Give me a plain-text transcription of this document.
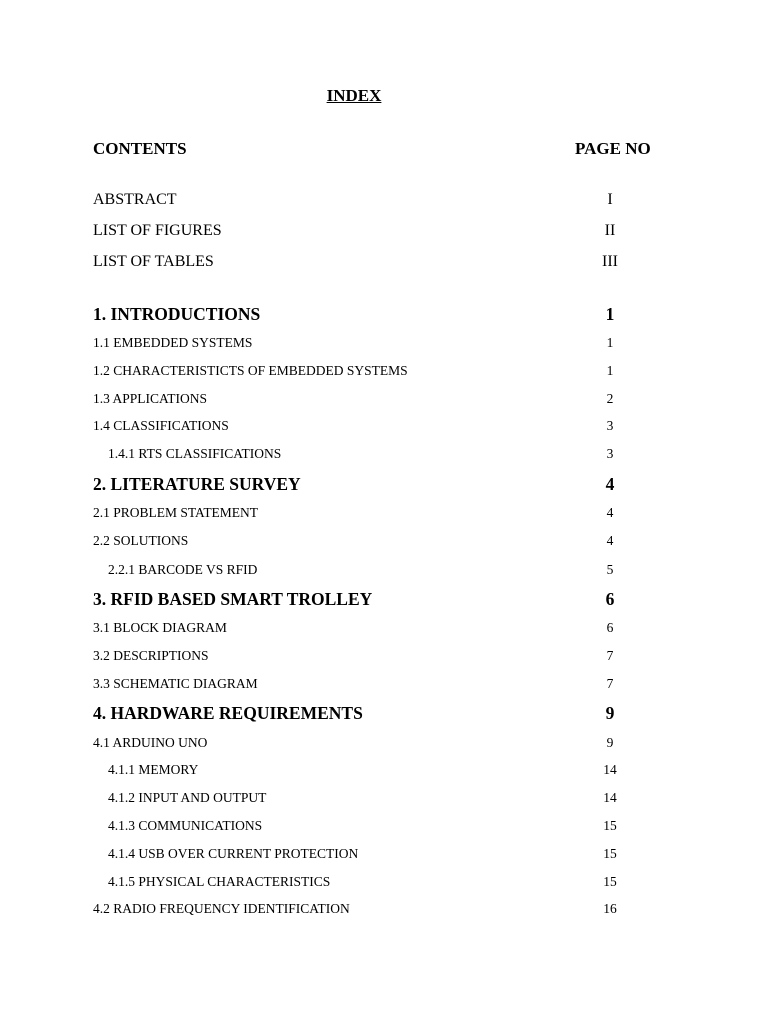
INDEX
CONTENTS	PAGE NO
ABSTRACT	I
LIST OF FIGURES	II
LIST OF TABLES	III
1. INTRODUCTIONS	1
1.1 EMBEDDED SYSTEMS	1
1.2 CHARACTERISTICTS OF EMBEDDED SYSTEMS	1
1.3 APPLICATIONS	2
1.4 CLASSIFICATIONS	3
1.4.1 RTS CLASSIFICATIONS	3
2. LITERATURE SURVEY	4
2.1 PROBLEM STATEMENT	4
2.2 SOLUTIONS	4
2.2.1 BARCODE VS RFID	5
3. RFID BASED SMART TROLLEY	6
3.1 BLOCK DIAGRAM	6
3.2 DESCRIPTIONS	7
3.3 SCHEMATIC DIAGRAM	7
4. HARDWARE REQUIREMENTS	9
4.1 ARDUINO UNO	9
4.1.1 MEMORY	14
4.1.2 INPUT AND OUTPUT	14
4.1.3 COMMUNICATIONS	15
4.1.4 USB OVER CURRENT PROTECTION	15
4.1.5 PHYSICAL CHARACTERISTICS	15
4.2 RADIO FREQUENCY IDENTIFICATION	16
